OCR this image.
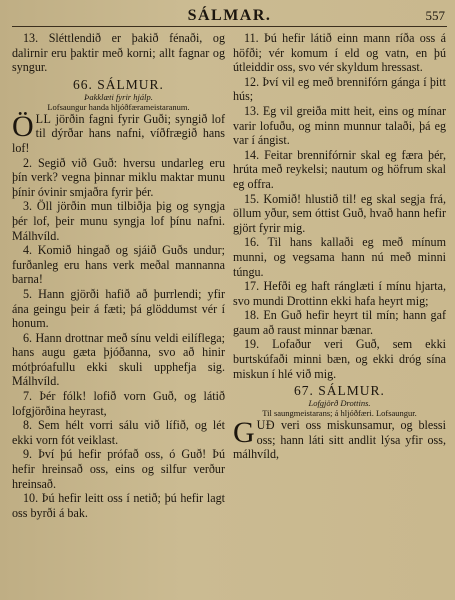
SÁLMAR.	557

13. Sléttlendið er þakið fénaði, og dalirnir eru þaktir með korni; allt fagnar og syngur.

66. SÁLMUR.
Þakklæti fyrir hjálp.
Lofsaungur handa hljóðfærameistaranum.

ÖLL jörðin fagni fyrir Guði; syngið lof til dýrðar hans nafni, víðfrægið hans lof!

2. Segið við Guð: hversu undarleg eru þín verk? vegna þinnar miklu maktar munu þínir óvinir smjaðra fyrir þér.

3. Öll jörðin mun tilbiðja þig og syngja þér lof, þeir munu syngja lof þínu nafni. Málhvíld.

4. Komið hingað og sjáið Guðs undur; furðanleg eru hans verk meðal mannanna barna!

5. Hann gjörði hafið að þurrlendi; yfir ána geingu þeir á fæti; þá glöddumst vér í honum.

6. Hann drottnar með sínu veldi eilíflega; hans augu gæta þjóðanna, svo að hinir mótþróafullu ekki skuli upphefja sig. Málhvíld.

7. Þér fólk! lofið vorn Guð, og látið lofgjörðina heyrast,

8. Sem hélt vorri sálu við lífið, og lét ekki vorn fót veiklast.

9. Því þú hefir prófað oss, ó Guð! Þú hefir hreinsað oss, eins og silfur verður hreinsað.

10. Þú hefir leitt oss í netið; þú hefir lagt oss byrði á bak.

11. Þú hefir látið einn mann ríða oss á höfði; vér komum í eld og vatn, en þú útleiddir oss, svo vér skyldum hressast.

12. Því vil eg með brennifórn gánga í þitt hús;

13. Eg vil greiða mitt heit, eins og mínar varir lofuðu, og minn munnur talaði, þá eg var í ángist.

14. Feitar brennifórnir skal eg færa þér, hrúta með reykelsi; nautum og höfrum skal eg offra.

15. Komið! hlustið til! eg skal segja frá, öllum yður, sem óttist Guð, hvað hann hefir gjört fyrir mig.

16. Til hans kallaði eg með mínum munni, og vegsama hann nú með minni túngu.

17. Hefði eg haft ránglæti í mínu hjarta, svo mundi Drottinn ekki hafa heyrt mig;

18. En Guð hefir heyrt til mín; hann gaf gaum að raust minnar bænar.

19. Lofaður veri Guð, sem ekki burtskúfaði minni bæn, og ekki dróg sína miskun í hlé við mig.

67. SÁLMUR.
Lofgjörð Drottins.
Til saungmeistarans; á hljóðfæri. Lofsaungur.

GUÐ veri oss miskunsamur, og blessi oss; hann láti sitt andlit lýsa yfir oss, málhvíld,
